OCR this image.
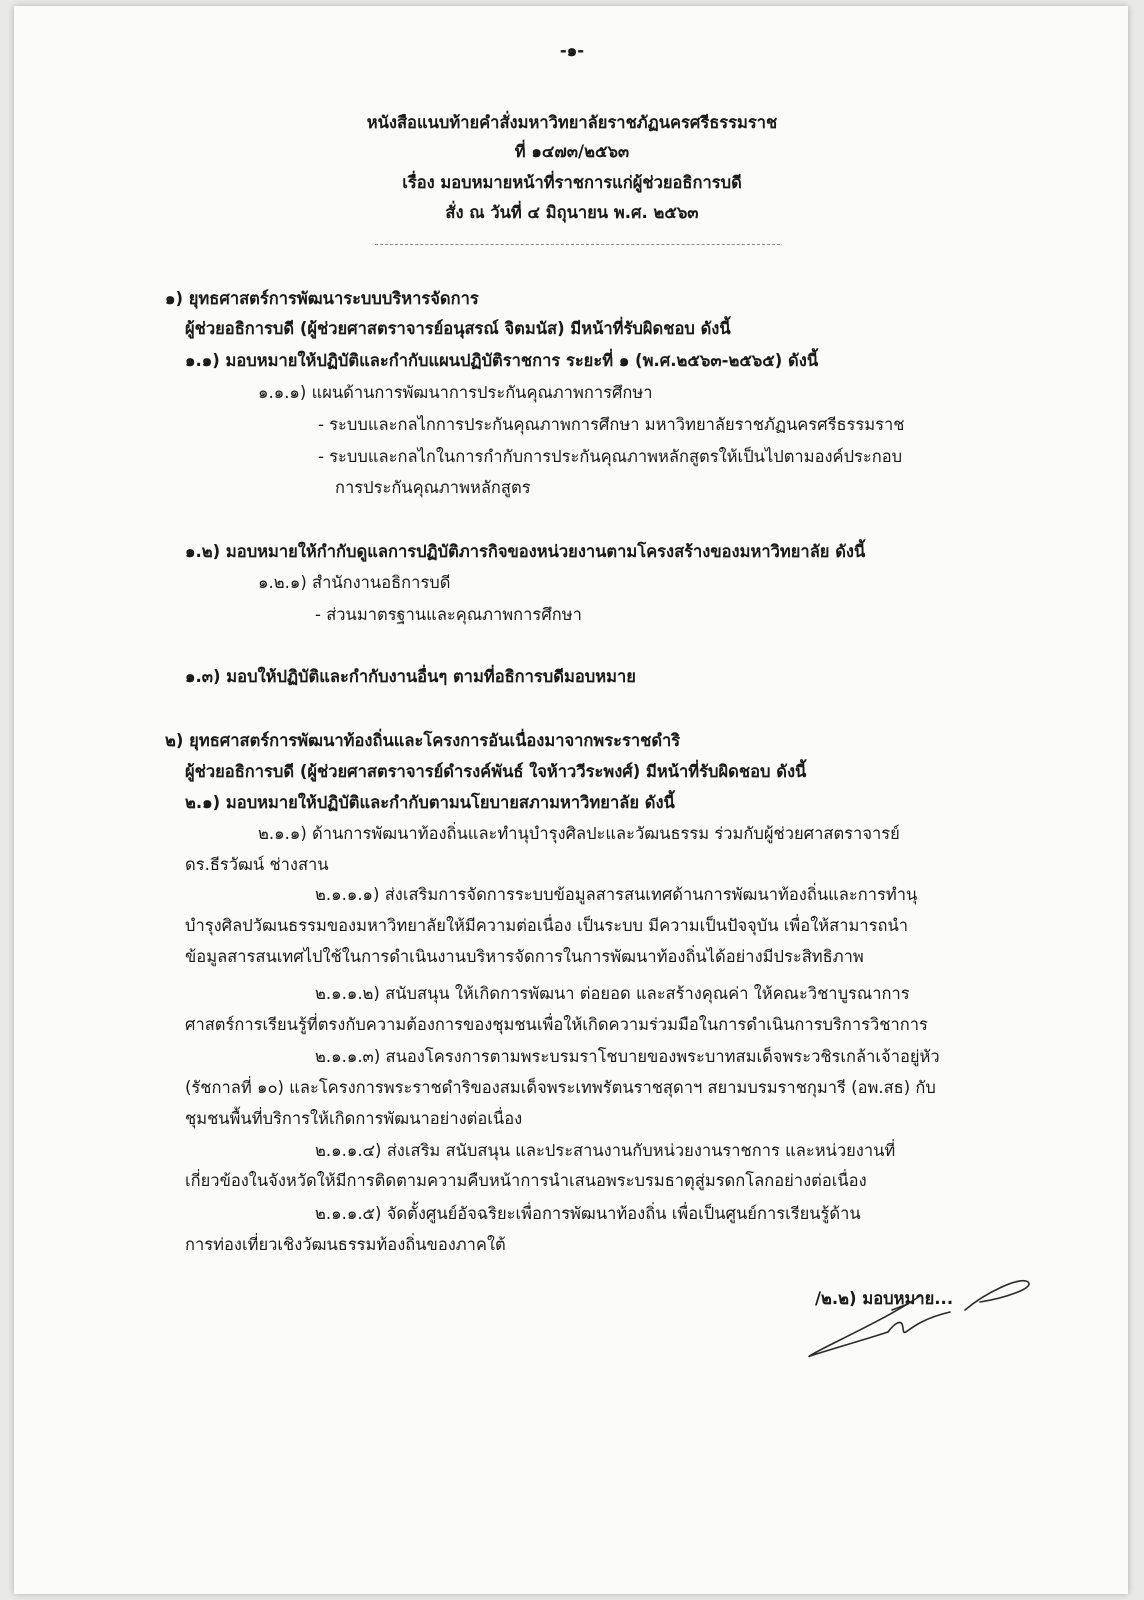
-๑-
หนังสือแนบท้ายคำสั่งมหาวิทยาลัยราชภัฏนครศรีธรรมราช
ที่ ๑๔๗๓/๒๕๖๓
เรื่อง มอบหมายหน้าที่ราชการแก่ผู้ช่วยอธิการบดี
สั่ง ณ วันที่ ๔ มิถุนายน พ.ศ. ๒๕๖๓
๑) ยุทธศาสตร์การพัฒนาระบบบริหารจัดการ
ผู้ช่วยอธิการบดี (ผู้ช่วยศาสตราจารย์อนุสรณ์ จิตมนัส) มีหน้าที่รับผิดชอบ ดังนี้
๑.๑) มอบหมายให้ปฏิบัติและกำกับแผนปฏิบัติราชการ ระยะที่ ๑ (พ.ศ.๒๕๖๓-๒๕๖๕) ดังนี้
๑.๑.๑) แผนด้านการพัฒนาการประกันคุณภาพการศึกษา
- ระบบและกลไกการประกันคุณภาพการศึกษา มหาวิทยาลัยราชภัฏนครศรีธรรมราช
- ระบบและกลไกในการกำกับการประกันคุณภาพหลักสูตรให้เป็นไปตามองค์ประกอบ
การประกันคุณภาพหลักสูตร
๑.๒) มอบหมายให้กำกับดูแลการปฏิบัติภารกิจของหน่วยงานตามโครงสร้างของมหาวิทยาลัย ดังนี้
๑.๒.๑) สำนักงานอธิการบดี
- ส่วนมาตรฐานและคุณภาพการศึกษา
๑.๓) มอบให้ปฏิบัติและกำกับงานอื่นๆ ตามที่อธิการบดีมอบหมาย
๒) ยุทธศาสตร์การพัฒนาท้องถิ่นและโครงการอันเนื่องมาจากพระราชดำริ
ผู้ช่วยอธิการบดี (ผู้ช่วยศาสตราจารย์ดำรงค์พันธ์ ใจห้าววีระพงศ์) มีหน้าที่รับผิดชอบ ดังนี้
๒.๑) มอบหมายให้ปฏิบัติและกำกับตามนโยบายสภามหาวิทยาลัย ดังนี้
๒.๑.๑) ด้านการพัฒนาท้องถิ่นและทำนุบำรุงศิลปะและวัฒนธรรม ร่วมกับผู้ช่วยศาสตราจารย์
ดร.ธีรวัฒน์ ช่างสาน
๒.๑.๑.๑) ส่งเสริมการจัดการระบบข้อมูลสารสนเทศด้านการพัฒนาท้องถิ่นและการทำนุ
บำรุงศิลปวัฒนธรรมของมหาวิทยาลัยให้มีความต่อเนื่อง เป็นระบบ มีความเป็นปัจจุบัน เพื่อให้สามารถนำ
ข้อมูลสารสนเทศไปใช้ในการดำเนินงานบริหารจัดการในการพัฒนาท้องถิ่นได้อย่างมีประสิทธิภาพ
๒.๑.๑.๒) สนับสนุน ให้เกิดการพัฒนา ต่อยอด และสร้างคุณค่า ให้คณะวิชาบูรณาการ
ศาสตร์การเรียนรู้ที่ตรงกับความต้องการของชุมชนเพื่อให้เกิดความร่วมมือในการดำเนินการบริการวิชาการ
๒.๑.๑.๓) สนองโครงการตามพระบรมราโชบายของพระบาทสมเด็จพระวชิรเกล้าเจ้าอยู่หัว
(รัชกาลที่ ๑๐) และโครงการพระราชดำริของสมเด็จพระเทพรัตนราชสุดาฯ สยามบรมราชกุมารี (อพ.สธ) กับ
ชุมชนพื้นที่บริการให้เกิดการพัฒนาอย่างต่อเนื่อง
๒.๑.๑.๔) ส่งเสริม สนับสนุน และประสานงานกับหน่วยงานราชการ และหน่วยงานที่
เกี่ยวข้องในจังหวัดให้มีการติดตามความคืบหน้าการนำเสนอพระบรมธาตุสู่มรดกโลกอย่างต่อเนื่อง
๒.๑.๑.๕) จัดตั้งศูนย์อัจฉริยะเพื่อการพัฒนาท้องถิ่น เพื่อเป็นศูนย์การเรียนรู้ด้าน
การท่องเที่ยวเชิงวัฒนธรรมท้องถิ่นของภาคใต้
/๒.๒) มอบหมาย...
